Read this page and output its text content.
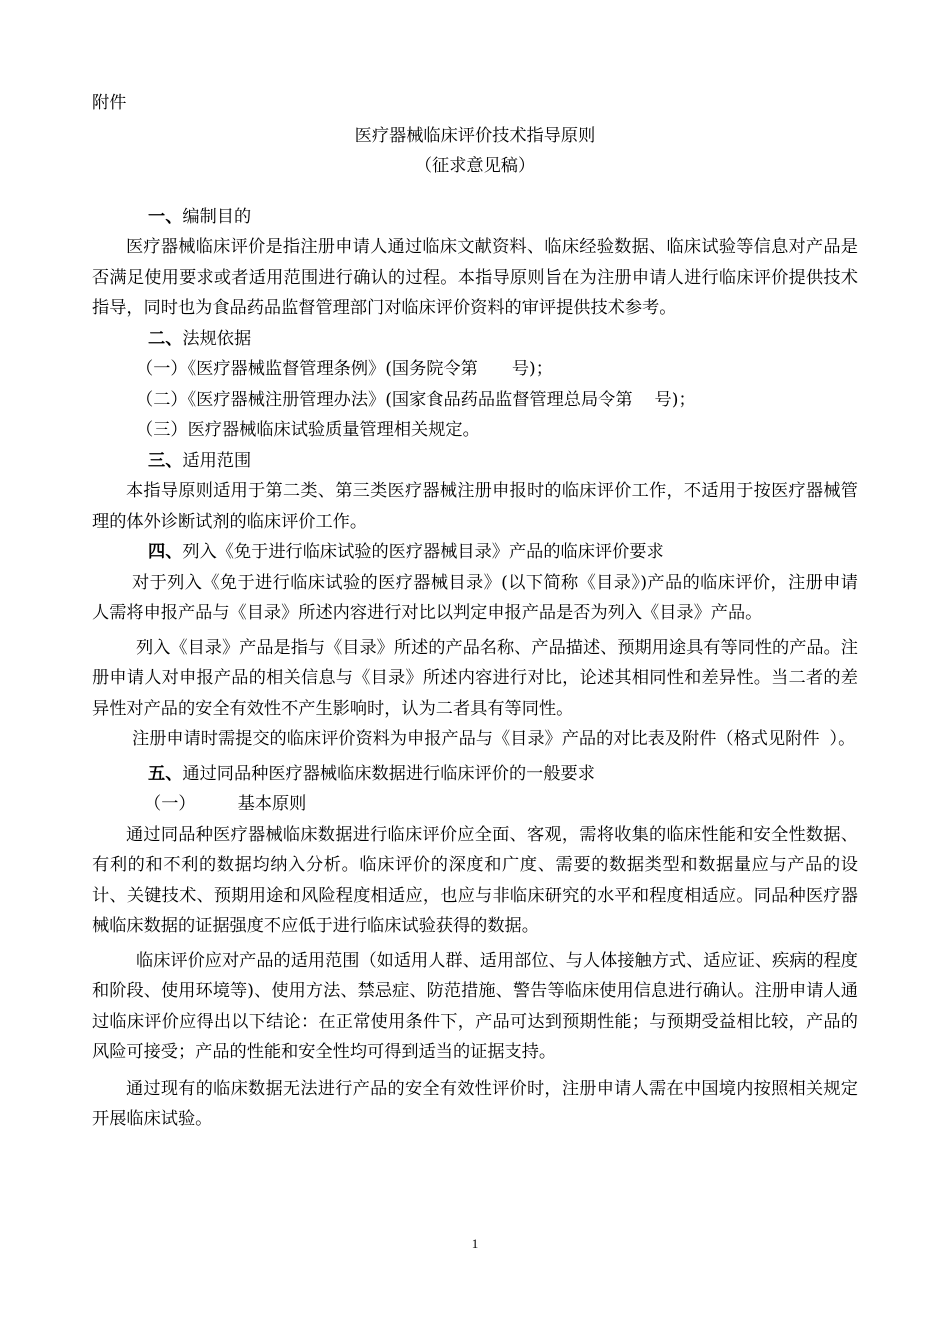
附件

医疗器械临床评价技术指导原则

（征求意见稿）

一、编制目的

医疗器械临床评价是指注册申请人通过临床文献资料、临床经验数据、临床试验等信息对产品是否满足使用要求或者适用范围进行确认的过程。本指导原则旨在为注册申请人进行临床评价提供技术指导，同时也为食品药品监督管理部门对临床评价资料的审评提供技术参考。

二、法规依据

（一）《医疗器械监督管理条例》(国务院令第 号)；

（二）《医疗器械注册管理办法》(国家食品药品监督管理总局令第 号)；

（三）医疗器械临床试验质量管理相关规定。

三、适用范围

本指导原则适用于第二类、第三类医疗器械注册申报时的临床评价工作，不适用于按医疗器械管理的体外诊断试剂的临床评价工作。

四、列入《免于进行临床试验的医疗器械目录》产品的临床评价要求

对于列入《免于进行临床试验的医疗器械目录》(以下简称《目录》)产品的临床评价，注册申请人需将申报产品与《目录》所述内容进行对比以判定申报产品是否为列入《目录》产品。

列入《目录》产品是指与《目录》所述的产品名称、产品描述、预期用途具有等同性的产品。注册申请人对申报产品的相关信息与《目录》所述内容进行对比，论述其相同性和差异性。当二者的差异性对产品的安全有效性不产生影响时，认为二者具有等同性。

注册申请时需提交的临床评价资料为申报产品与《目录》产品的对比表及附件（格式见附件 ）。

五、通过同品种医疗器械临床数据进行临床评价的一般要求

（一） 基本原则

通过同品种医疗器械临床数据进行临床评价应全面、客观，需将收集的临床性能和安全性数据、有利的和不利的数据均纳入分析。临床评价的深度和广度、需要的数据类型和数据量应与产品的设计、关键技术、预期用途和风险程度相适应，也应与非临床研究的水平和程度相适应。同品种医疗器械临床数据的证据强度不应低于进行临床试验获得的数据。

临床评价应对产品的适用范围（如适用人群、适用部位、与人体接触方式、适应证、疾病的程度和阶段、使用环境等)、使用方法、禁忌症、防范措施、警告等临床使用信息进行确认。注册申请人通过临床评价应得出以下结论：在正常使用条件下，产品可达到预期性能；与预期受益相比较，产品的风险可接受；产品的性能和安全性均可得到适当的证据支持。

通过现有的临床数据无法进行产品的安全有效性评价时，注册申请人需在中国境内按照相关规定开展临床试验。

1
